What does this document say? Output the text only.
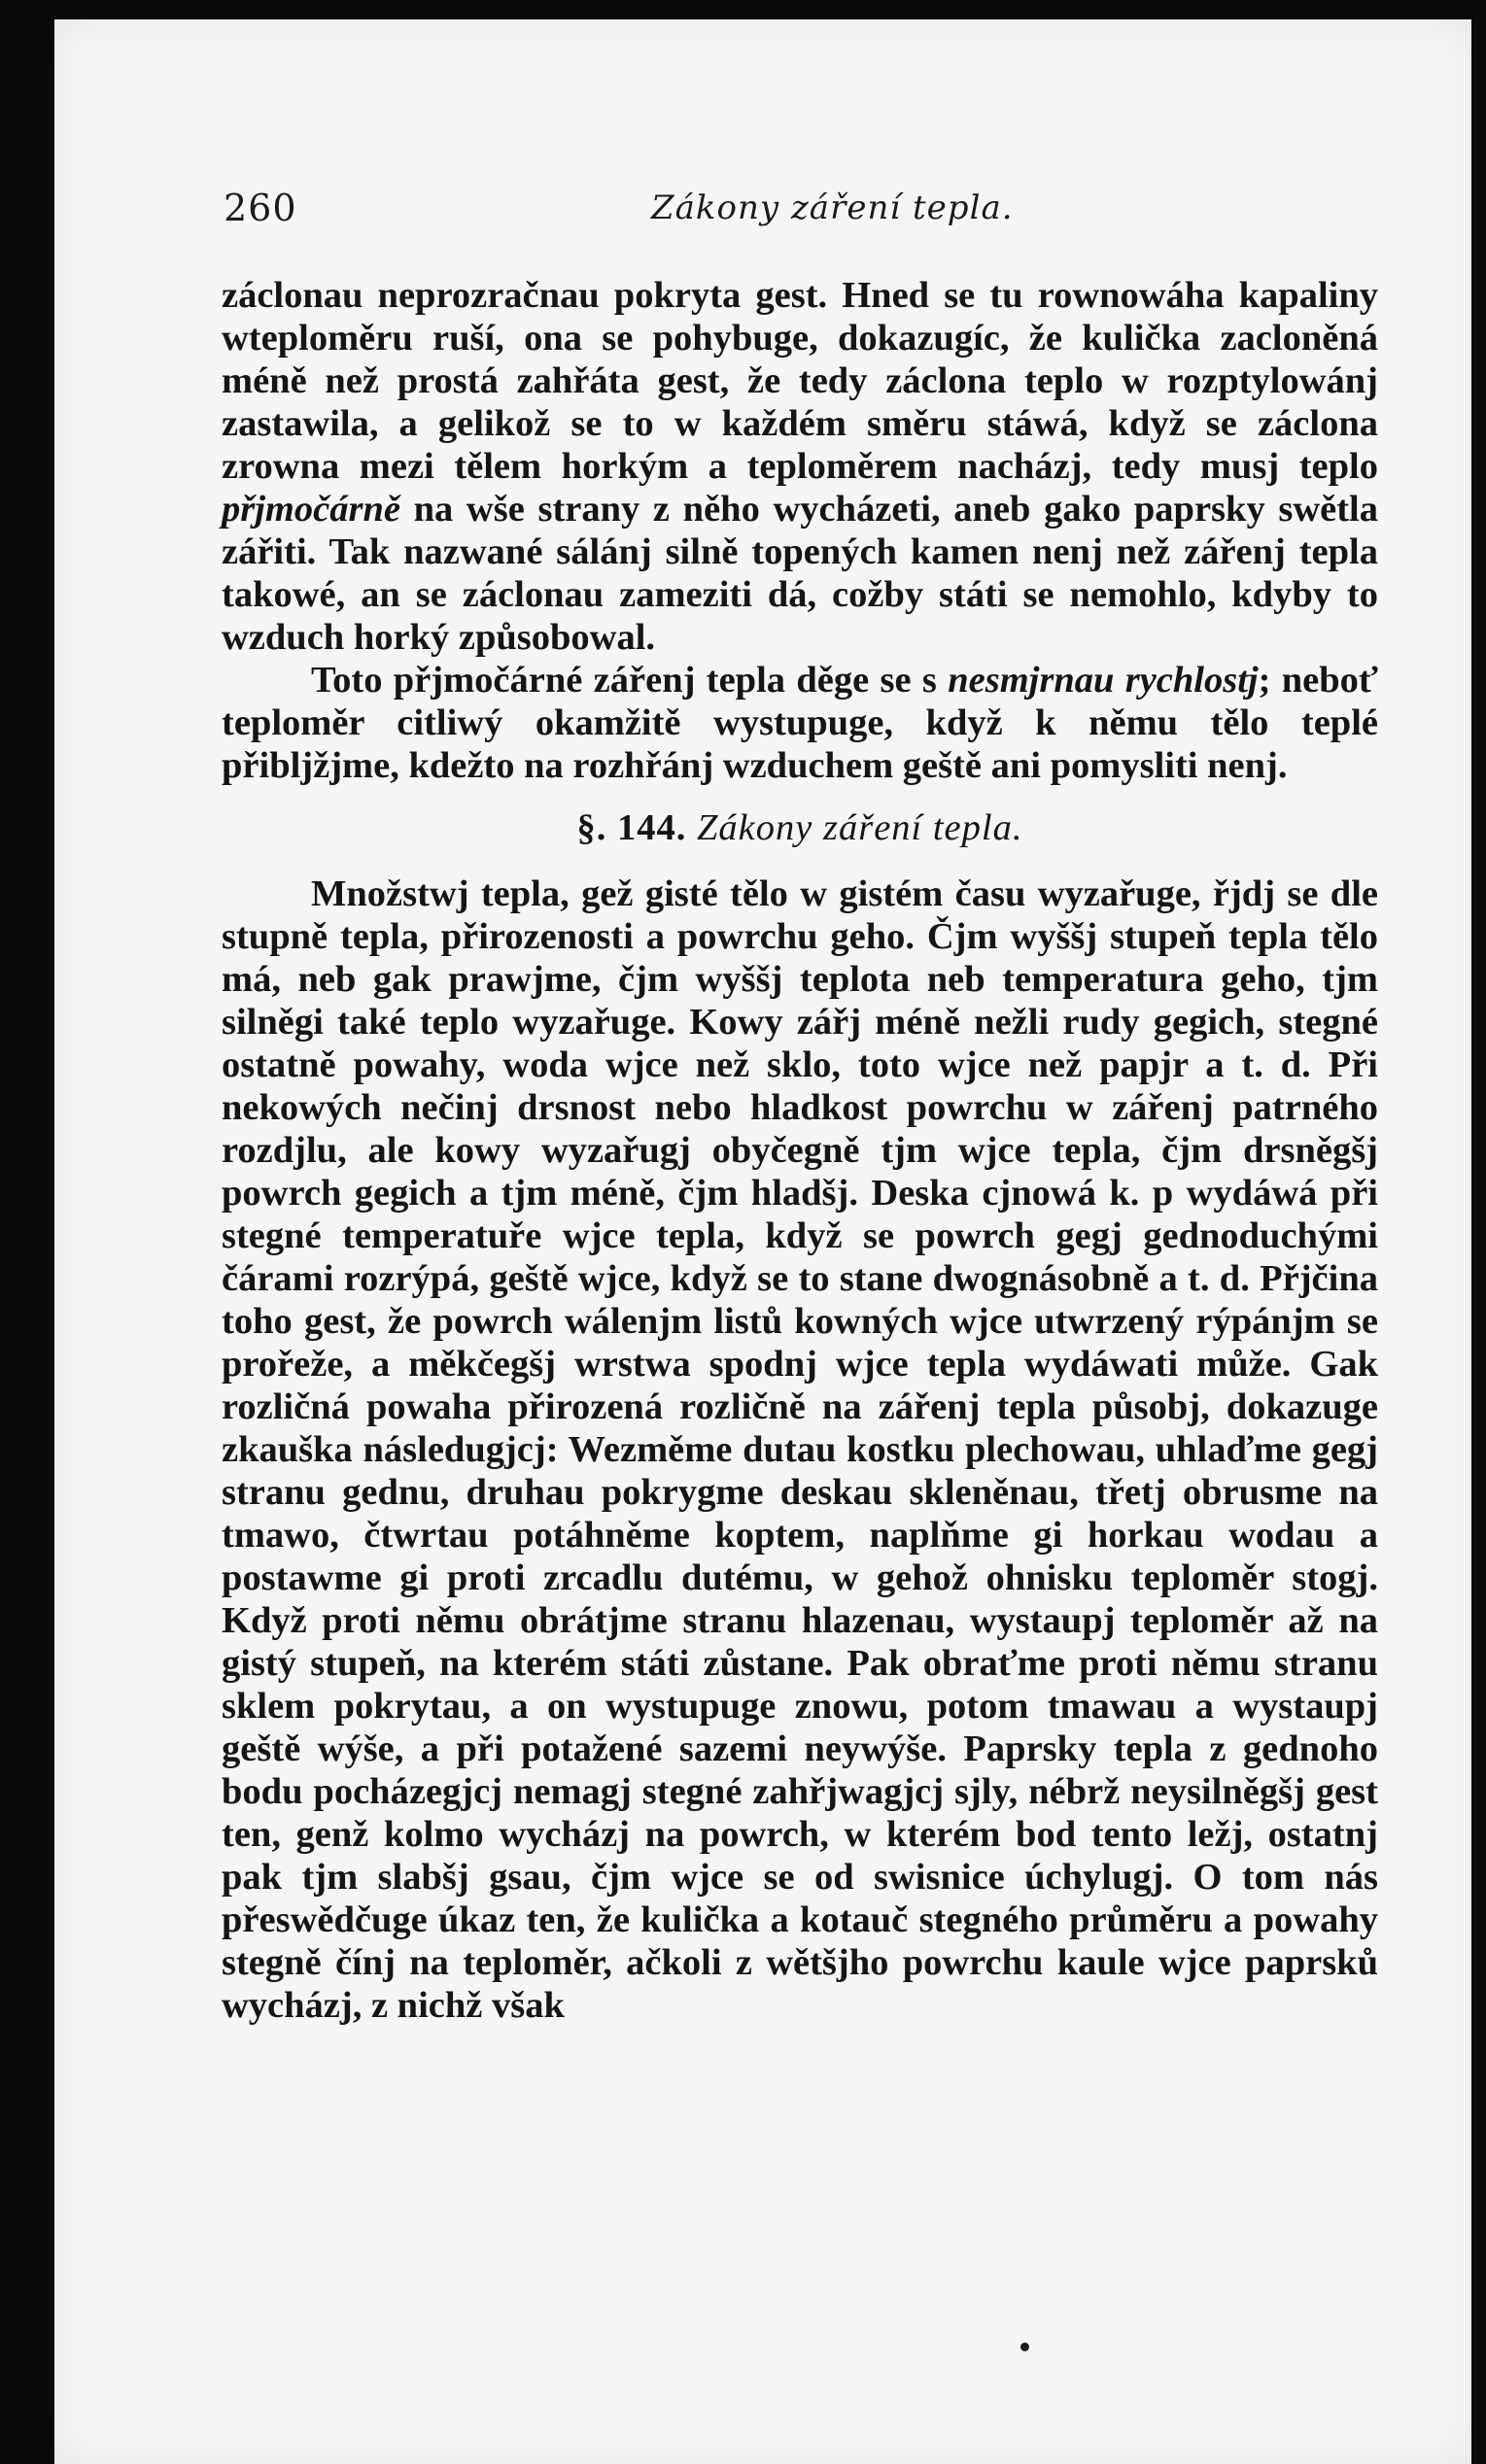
260	Zákony záření tepla.

záclonau neprozračnau pokryta gest. Hned se tu rownowáha kapaliny wteploměru ruší, ona se pohybuge, dokazugíc, že kulička zacloněná méně než prostá zahřáta gest, že tedy záclona teplo w rozptylowánj zastawila, a gelikož se to w každém směru stáwá, když se záclona zrowna mezi tělem horkým a teploměrem nacházj, tedy musj teplo přjmočárně na wše strany z něho wycházeti, aneb gako paprsky swětla zářiti. Tak nazwané sálánj silně topených kamen nenj než zářenj tepla takowé, an se záclonau zameziti dá, cožby státi se nemohlo, kdyby to wzduch horký způsobowal.

Toto přjmočárné zářenj tepla děge se s nesmjrnau rychlostj; neboť teploměr citliwý okamžitě wystupuge, když k němu tělo teplé přibljžjme, kdežto na rozhřánj wzduchem geště ani pomysliti nenj.

§. 144. Zákony záření tepla.

Množstwj tepla, gež gisté tělo w gistém času wyzařuge, řjdj se dle stupně tepla, přirozenosti a powrchu geho. Čjm wyššj stupeň tepla tělo má, neb gak prawjme, čjm wyššj teplota neb temperatura geho, tjm silněgi také teplo wyzařuge. Kowy zářj méně nežli rudy gegich, stegné ostatně powahy, woda wjce než sklo, toto wjce než papjr a t. d. Při nekowých nečinj drsnost nebo hladkost powrchu w zářenj patrného rozdjlu, ale kowy wyzařugj obyčegně tjm wjce tepla, čjm drsněgšj powrch gegich a tjm méně, čjm hladšj. Deska cjnowá k. p wydáwá při stegné temperatuře wjce tepla, když se powrch gegj gednoduchými čárami rozrýpá, geště wjce, když se to stane dwognásobně a t. d. Přjčina toho gest, že powrch wálenjm listů kowných wjce utwrzený rýpánjm se prořeže, a měkčegšj wrstwa spodnj wjce tepla wydáwati může. Gak rozličná powaha přirozená rozličně na zářenj tepla působj, dokazuge zkauška následugjcj: Wezměme dutau kostku plechowau, uhlaďme gegj stranu gednu, druhau pokrygme deskau skleněnau, třetj obrusme na tmawo, čtwrtau potáhněme koptem, naplňme gi horkau wodau a postawme gi proti zrcadlu dutému, w gehož ohnisku teploměr stogj. Když proti němu obrátjme stranu hlazenau, wystaupj teploměr až na gistý stupeň, na kterém státi zůstane. Pak obraťme proti němu stranu sklem pokrytau, a on wystupuge znowu, potom tmawau a wystaupj geště wýše, a při potažené sazemi neywýše. Paprsky tepla z gednoho bodu pocházegjcj nemagj stegné zahřjwagjcj sjly, nébrž neysilněgšj gest ten, genž kolmo wycházj na powrch, w kterém bod tento ležj, ostatnj pak tjm slabšj gsau, čjm wjce se od swisnice úchylugj. O tom nás přeswědčuge úkaz ten, že kulička a kotauč stegného průměru a powahy stegně čínj na teploměr, ačkoli z wětšjho powrchu kaule wjce paprsků wycházj, z nichž však
